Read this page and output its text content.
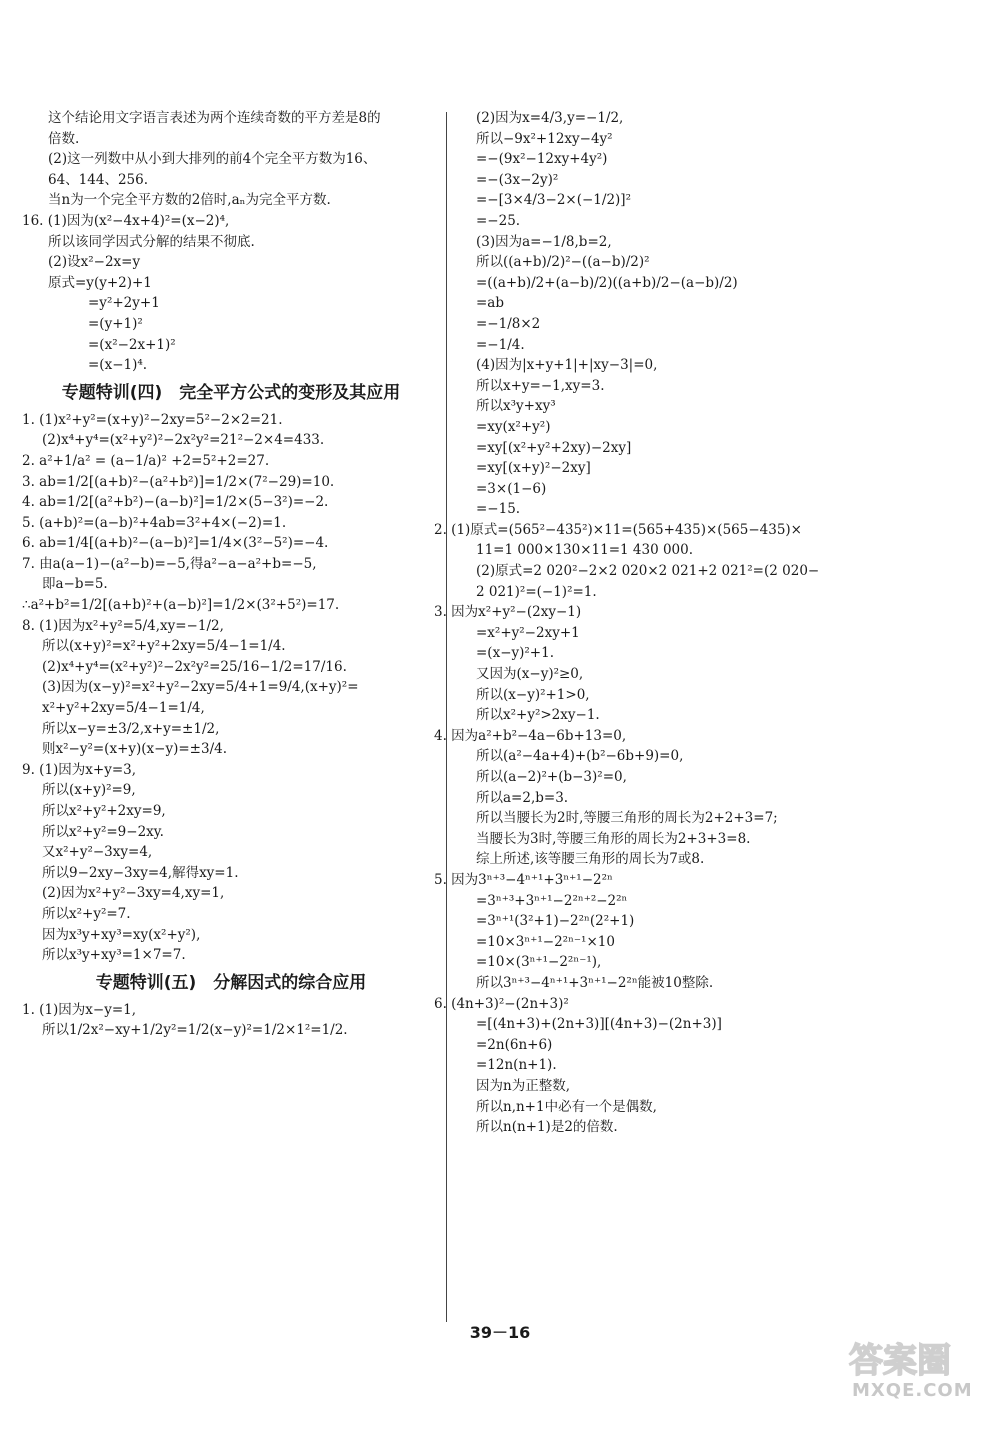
这个结论用文字语言表述为两个连续奇数的平方差是8的
倍数.
(2)这一列数中从小到大排列的前4个完全平方数为16、
64、144、256.
当n为一个完全平方数的2倍时,aₙ为完全平方数.
16. (1)因为(x²−4x+4)²=(x−2)⁴,
所以该同学因式分解的结果不彻底.
(2)设x²−2x=y
原式=y(y+2)+1
=y²+2y+1
=(y+1)²
=(x²−2x+1)²
=(x−1)⁴.
专题特训(四)　完全平方公式的变形及其应用
1. (1)x²+y²=(x+y)²−2xy=5²−2×2=21.
(2)x⁴+y⁴=(x²+y²)²−2x²y²=21²−2×4=433.
2. a²+1/a² = (a−1/a)² +2=5²+2=27.
3. ab=1/2[(a+b)²−(a²+b²)]=1/2×(7²−29)=10.
4. ab=1/2[(a²+b²)−(a−b)²]=1/2×(5−3²)=−2.
5. (a+b)²=(a−b)²+4ab=3²+4×(−2)=1.
6. ab=1/4[(a+b)²−(a−b)²]=1/4×(3²−5²)=−4.
7. 由a(a−1)−(a²−b)=−5,得a²−a−a²+b=−5,
即a−b=5.
∴a²+b²=1/2[(a+b)²+(a−b)²]=1/2×(3²+5²)=17.
8. (1)因为x²+y²=5/4,xy=−1/2,
所以(x+y)²=x²+y²+2xy=5/4−1=1/4.
(2)x⁴+y⁴=(x²+y²)²−2x²y²=25/16−1/2=17/16.
(3)因为(x−y)²=x²+y²−2xy=5/4+1=9/4,(x+y)²=
x²+y²+2xy=5/4−1=1/4,
所以x−y=±3/2,x+y=±1/2,
则x²−y²=(x+y)(x−y)=±3/4.
9. (1)因为x+y=3,
所以(x+y)²=9,
所以x²+y²+2xy=9,
所以x²+y²=9−2xy.
又x²+y²−3xy=4,
所以9−2xy−3xy=4,解得xy=1.
(2)因为x²+y²−3xy=4,xy=1,
所以x²+y²=7.
因为x³y+xy³=xy(x²+y²),
所以x³y+xy³=1×7=7.
专题特训(五)　分解因式的综合应用
1. (1)因为x−y=1,
所以1/2x²−xy+1/2y²=1/2(x−y)²=1/2×1²=1/2.
(2)因为x=4/3,y=−1/2,
所以−9x²+12xy−4y²
=−(9x²−12xy+4y²)
=−(3x−2y)²
=−[3×4/3−2×(−1/2)]²
=−25.
(3)因为a=−1/8,b=2,
所以((a+b)/2)²−((a−b)/2)²
=((a+b)/2+(a−b)/2)((a+b)/2−(a−b)/2)
=ab
=−1/8×2
=−1/4.
(4)因为|x+y+1|+|xy−3|=0,
所以x+y=−1,xy=3.
所以x³y+xy³
=xy(x²+y²)
=xy[(x²+y²+2xy)−2xy]
=xy[(x+y)²−2xy]
=3×(1−6)
=−15.
2. (1)原式=(565²−435²)×11=(565+435)×(565−435)×
11=1 000×130×11=1 430 000.
(2)原式=2 020²−2×2 020×2 021+2 021²=(2 020−
2 021)²=(−1)²=1.
3. 因为x²+y²−(2xy−1)
=x²+y²−2xy+1
=(x−y)²+1.
又因为(x−y)²≥0,
所以(x−y)²+1>0,
所以x²+y²>2xy−1.
4. 因为a²+b²−4a−6b+13=0,
所以(a²−4a+4)+(b²−6b+9)=0,
所以(a−2)²+(b−3)²=0,
所以a=2,b=3.
所以当腰长为2时,等腰三角形的周长为2+2+3=7;
当腰长为3时,等腰三角形的周长为2+3+3=8.
综上所述,该等腰三角形的周长为7或8.
5. 因为3ⁿ⁺³−4ⁿ⁺¹+3ⁿ⁺¹−2²ⁿ
=3ⁿ⁺³+3ⁿ⁺¹−2²ⁿ⁺²−2²ⁿ
=3ⁿ⁺¹(3²+1)−2²ⁿ(2²+1)
=10×3ⁿ⁺¹−2²ⁿ⁻¹×10
=10×(3ⁿ⁺¹−2²ⁿ⁻¹),
所以3ⁿ⁺³−4ⁿ⁺¹+3ⁿ⁺¹−2²ⁿ能被10整除.
6. (4n+3)²−(2n+3)²
=[(4n+3)+(2n+3)][(4n+3)−(2n+3)]
=2n(6n+6)
=12n(n+1).
因为n为正整数,
所以n,n+1中必有一个是偶数,
所以n(n+1)是2的倍数.
39－16
答案圈
MXQE.COM
